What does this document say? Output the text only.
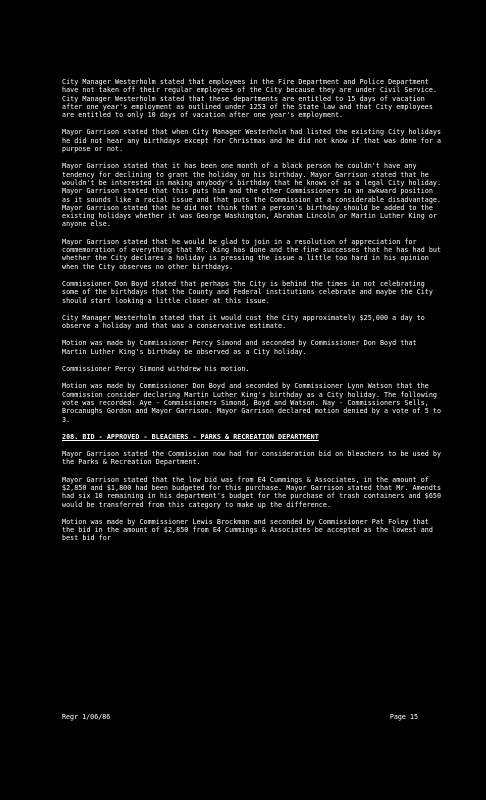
City Manager Westerholm stated that employees in the Fire Department and Police Department have not taken off their regular employees of the City because they are under Civil Service. City Manager Westerholm stated that these departments are entitled to 15 days of vacation after one year's employment as outlined under 1253 of the State law and that City employees are entitled to only 10 days of vacation after one year's employment.

Mayor Garrison stated that when City Manager Westerholm had listed the existing City holidays he did not hear any birthdays except for Christmas and he did not know if that was done for a purpose or not.

Mayor Garrison stated that it has been one month of a black person he couldn't have any tendency for declining to grant the holiday on his birthday. Mayor Garrison stated that he wouldn't be interested in making anybody's birthday that he knows of as a legal City holiday. Mayor Garrison stated that this puts him and the other Commissioners in an awkward position as it sounds like a racial issue and that puts the Commission at a considerable disadvantage. Mayor Garrison stated that he did not think that a person's birthday should be added to the existing holidays whether it was George Washington, Abraham Lincoln or Martin Luther King or anyone else.

Mayor Garrison stated that he would be glad to join in a resolution of appreciation for commemoration of everything that Mr. King has done and the fine successes that he has had but whether the City declares a holiday is pressing the issue a little too hard in his opinion when the City observes no other birthdays.

Commissioner Don Boyd stated that perhaps the City is behind the times in not celebrating some of the birthdays that the County and Federal institutions celebrate and maybe the City should start looking a little closer at this issue.

City Manager Westerholm stated that it would cost the City approximately $25,000 a day to observe a holiday and that was a conservative estimate.

Motion was made by Commissioner Percy Simond and seconded by Commissioner Don Boyd that Martin Luther King's birthday be observed as a City holiday.

Commissioner Percy Simond withdrew his motion.

Motion was made by Commissioner Don Boyd and seconded by Commissioner Lynn Watson that the Commission consider declaring Martin Luther King's birthday as a City holiday. The following vote was recorded: Aye - Commissioners Simond, Boyd and Watson. Nay - Commissioners Sells, Brocanughs Gordon and Mayor Garrison. Mayor Garrison declared motion denied by a vote of 5 to 3.

208. BID - APPROVED - BLEACHERS - PARKS & RECREATION DEPARTMENT

Mayor Garrison stated the Commission now had for consideration bid on bleachers to be used by the Parks & Recreation Department.

Mayor Garrison stated that the low bid was from E4 Cummings & Associates, in the amount of $2,850 and $1,800 had been budgeted for this purchase. Mayor Garrison stated that Mr. Amendts had six 10 remaining in his department's budget for the purchase of trash containers and $650 would be transferred from this category to make up the difference.

Motion was made by Commissioner Lewis Brockman and seconded by Commissioner Pat Foley that the bid in the amount of $2,850 from E4 Cummings & Associates be accepted as the lowest and best bid for

Regr 1/06/86	Page 15
